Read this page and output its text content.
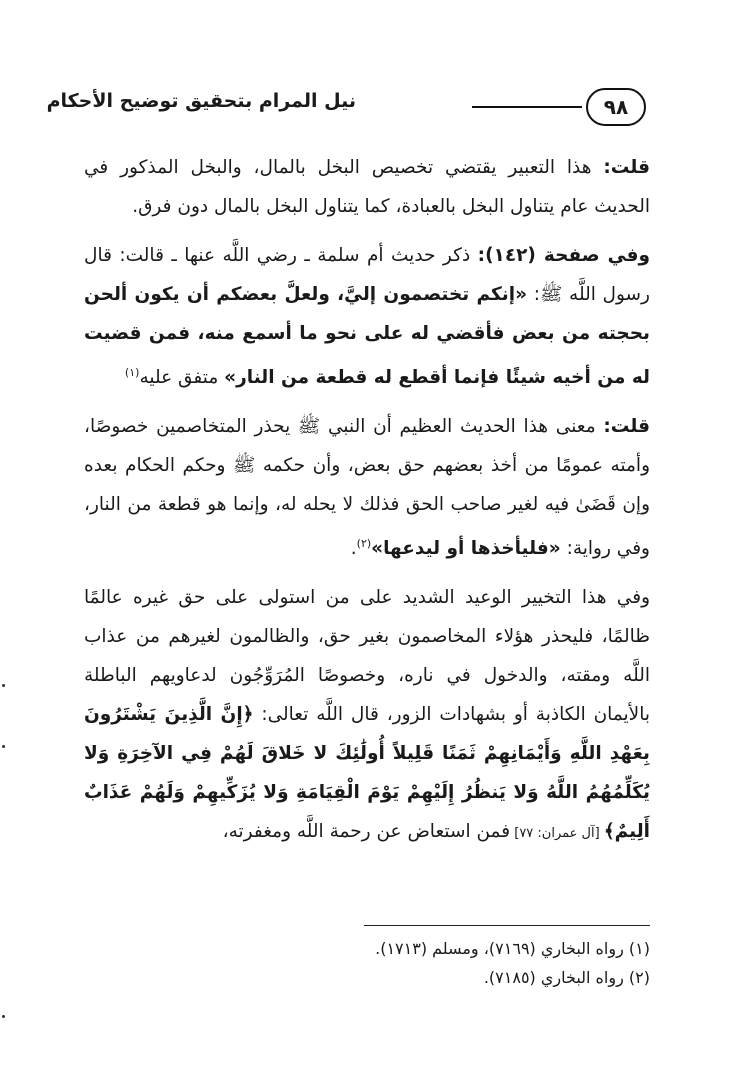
٩٨
نيل المرام بتحقيق توضيح الأحكام

قلت: هذا التعبير يقتضي تخصيص البخل بالمال، والبخل المذكور في الحديث عام يتناول البخل بالعبادة، كما يتناول البخل بالمال دون فرق.

وفي صفحة (١٤٢): ذكر حديث أم سلمة ـ رضي اللَّه عنها ـ قالت: قال رسول اللَّه ﷺ: «إنكم تختصمون إليَّ، ولعلَّ بعضكم أن يكون ألحن بحجته من بعض فأقضي له على نحو ما أسمع منه، فمن قضيت له من أخيه شيئًا فإنما أقطع له قطعة من النار» متفق عليه$^{(١)}$

قلت: معنى هذا الحديث العظيم أن النبي ﷺ يحذر المتخاصمين خصوصًا، وأمته عمومًا من أخذ بعضهم حق بعض، وأن حكمه ﷺ وحكم الحكام بعده وإن قَضَىٰ فيه لغير صاحب الحق فذلك لا يحله له، وإنما هو قطعة من النار، وفي رواية: «فليأخذها أو ليدعها»$^{(٢)}$.

وفي هذا التخيير الوعيد الشديد على من استولى على حق غيره عالمًا ظالمًا، فليحذر هؤلاء المخاصمون بغير حق، والظالمون لغيرهم من عذاب اللَّه ومقته، والدخول في ناره، وخصوصًا المُرَوِّجُون لدعاويهم الباطلة بالأيمان الكاذبة أو بشهادات الزور، قال اللَّه تعالى: ﴿إِنَّ الَّذِينَ يَشْتَرُونَ بِعَهْدِ اللَّهِ وَأَيْمَانِهِمْ ثَمَنًا قَلِيلاً أُولَٰئِكَ لا خَلاقَ لَهُمْ فِي الآخِرَةِ وَلا يُكَلِّمُهُمُ اللَّهُ وَلا يَنظُرُ إِلَيْهِمْ يَوْمَ الْقِيَامَةِ وَلا يُزَكِّيهِمْ وَلَهُمْ عَذَابٌ أَلِيمٌ﴾ [آل عمران: ٧٧] فمن استعاض عن رحمة اللَّه ومغفرته،

(١) رواه البخاري (٧١٦٩)، ومسلم (١٧١٣).
(٢) رواه البخاري (٧١٨٥).
